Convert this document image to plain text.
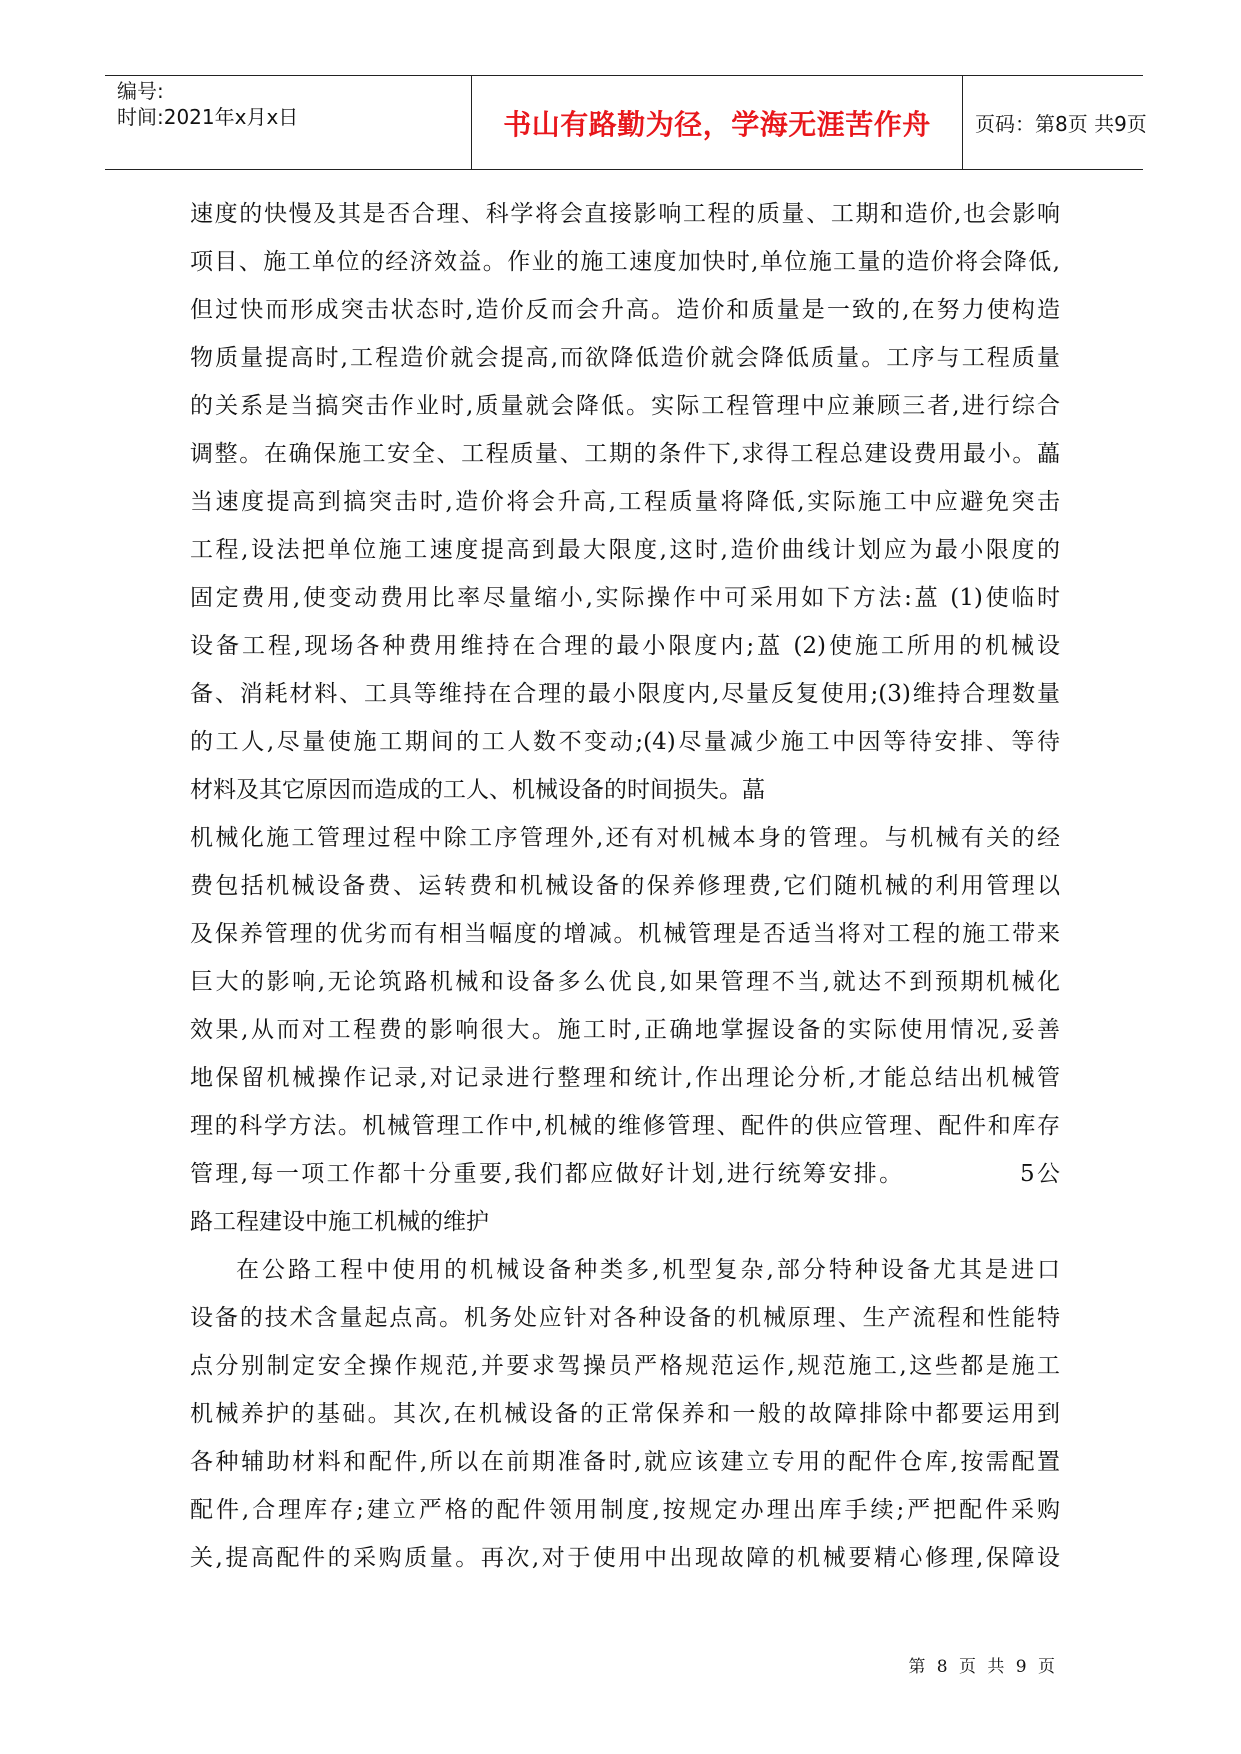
编号:
时间:2021年x月x日	书山有路勤为径，学海无涯苦作舟 页码：第8页 共9页
速度的快慢及其是否合理、科学将会直接影响工程的质量、工期和造价,也会影响
项目、施工单位的经济效益。作业的施工速度加快时,单位施工量的造价将会降低,
但过快而形成突击状态时,造价反而会升高。造价和质量是一致的,在努力使构造
物质量提高时,工程造价就会提高,而欲降低造价就会降低质量。工序与工程质量
的关系是当搞突击作业时,质量就会降低。实际工程管理中应兼顾三者,进行综合
调整。在确保施工安全、工程质量、工期的条件下,求得工程总建设费用最小。藟
当速度提高到搞突击时,造价将会升高,工程质量将降低,实际施工中应避免突击
工程,设法把单位施工速度提高到最大限度,这时,造价曲线计划应为最小限度的
固定费用,使变动费用比率尽量缩小,实际操作中可采用如下方法:蒕 (1)使临时
设备工程,现场各种费用维持在合理的最小限度内;蒕 (2)使施工所用的机械设
备、消耗材料、工具等维持在合理的最小限度内,尽量反复使用;(3)维持合理数量
的工人,尽量使施工期间的工人数不变动;(4)尽量减少施工中因等待安排、等待
材料及其它原因而造成的工人、机械设备的时间损失。蕌
机械化施工管理过程中除工序管理外,还有对机械本身的管理。与机械有关的经
费包括机械设备费、运转费和机械设备的保养修理费,它们随机械的利用管理以
及保养管理的优劣而有相当幅度的增减。机械管理是否适当将对工程的施工带来
巨大的影响,无论筑路机械和设备多么优良,如果管理不当,就达不到预期机械化
效果,从而对工程费的影响很大。施工时,正确地掌握设备的实际使用情况,妥善
地保留机械操作记录,对记录进行整理和统计,作出理论分析,才能总结出机械管
理的科学方法。机械管理工作中,机械的维修管理、配件的供应管理、配件和库存
管理,每一项工作都十分重要,我们都应做好计划,进行统筹安排。　　　　　5公
路工程建设中施工机械的维护
在公路工程中使用的机械设备种类多,机型复杂,部分特种设备尤其是进口
设备的技术含量起点高。机务处应针对各种设备的机械原理、生产流程和性能特
点分别制定安全操作规范,并要求驾操员严格规范运作,规范施工,这些都是施工
机械养护的基础。其次,在机械设备的正常保养和一般的故障排除中都要运用到
各种辅助材料和配件,所以在前期准备时,就应该建立专用的配件仓库,按需配置
配件,合理库存;建立严格的配件领用制度,按规定办理出库手续;严把配件采购
关,提高配件的采购质量。再次,对于使用中出现故障的机械要精心修理,保障设
第 8 页 共 9 页
